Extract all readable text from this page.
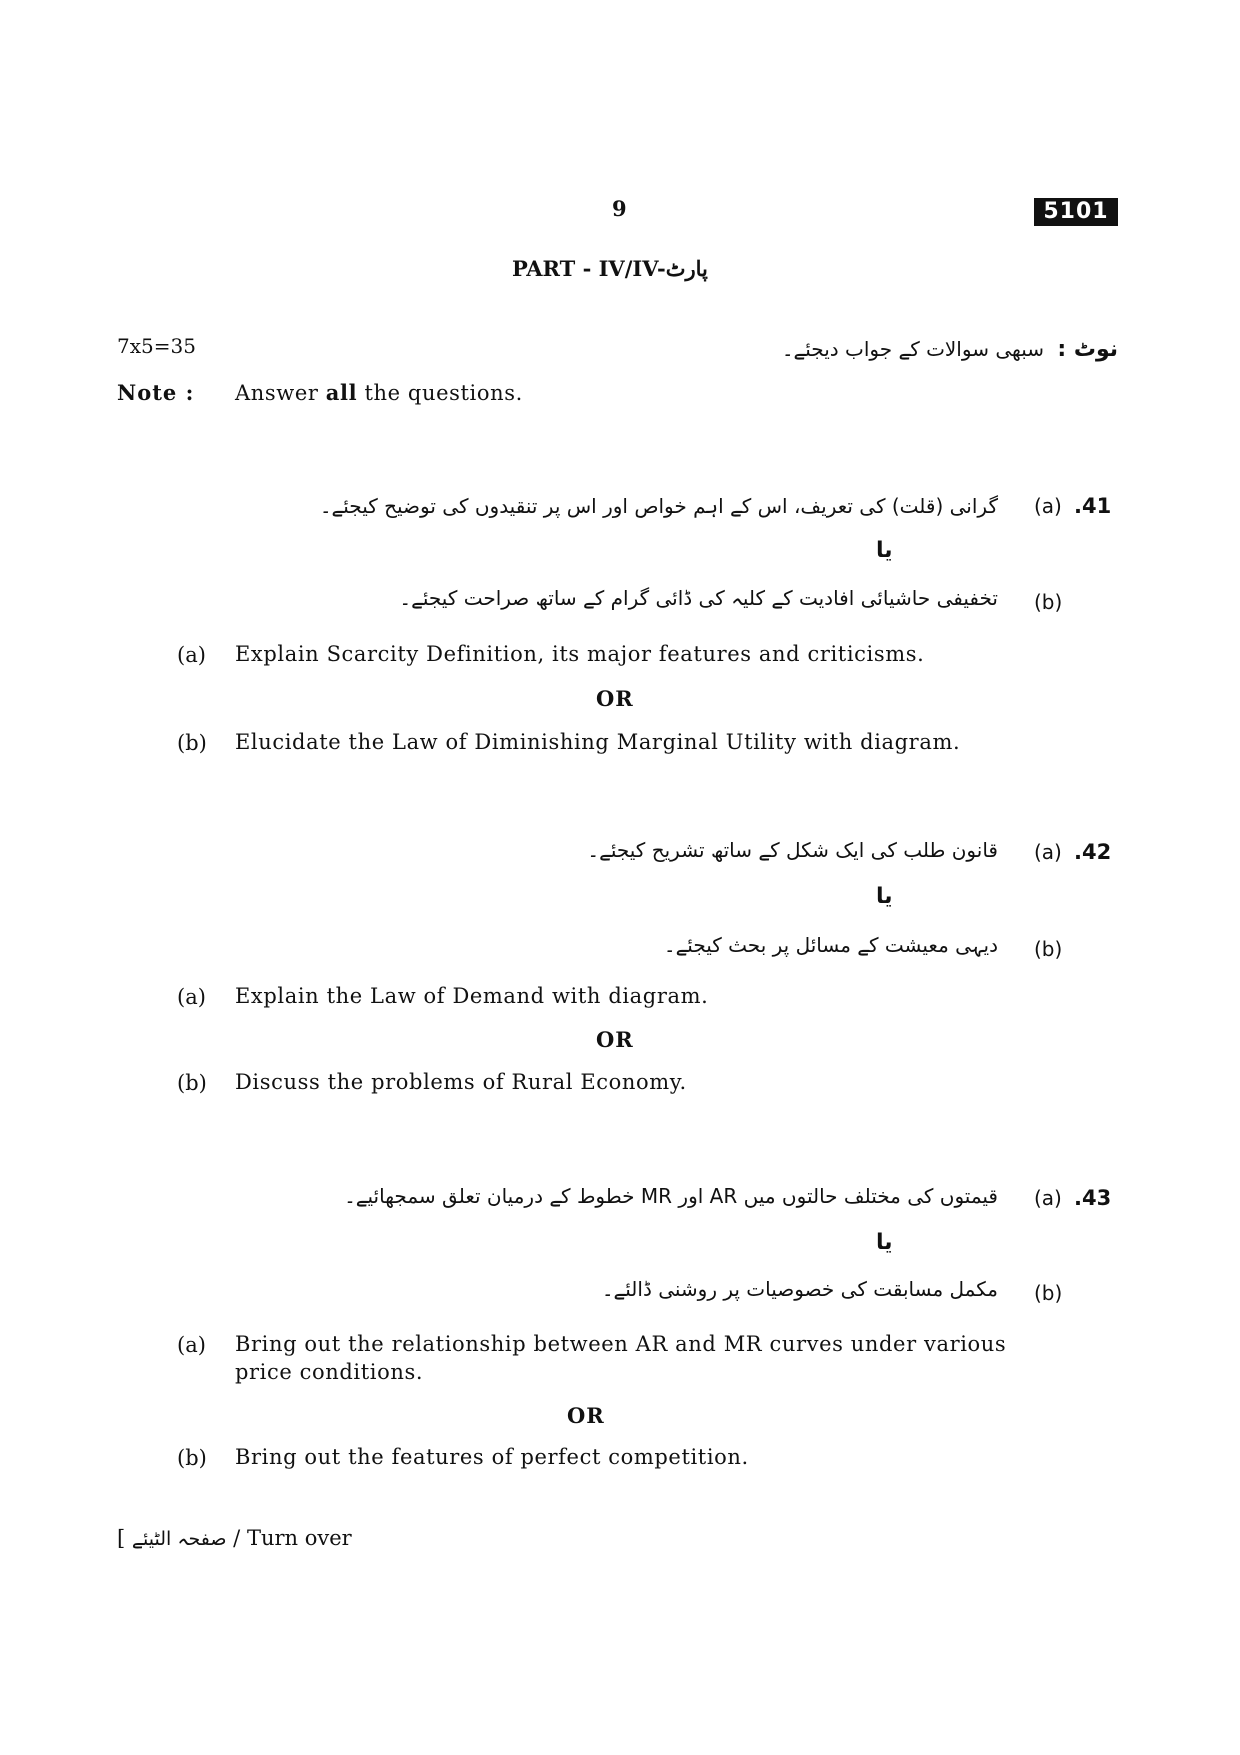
9	5101
PART - IV/IV-پارٹ
7x5=35	نوٹ :
سبھی سوالات کے جواب دیجئے۔
Note : Answer all the questions.
.41
(a)
گرانی (قلت) کی تعریف، اس کے اہم خواص اور اس پر تنقیدوں کی توضیح کیجئے۔
یا
(b)
تخفیفی حاشیائی افادیت کے کلیہ کی ڈائی گرام کے ساتھ صراحت کیجئے۔
(a) Explain Scarcity Definition, its major features and criticisms.
OR
(b) Elucidate the Law of Diminishing Marginal Utility with diagram.
.42
(a)
قانون طلب کی ایک شکل کے ساتھ تشریح کیجئے۔
یا
(b)
دیہی معیشت کے مسائل پر بحث کیجئے۔
(a) Explain the Law of Demand with diagram.
OR
(b) Discuss the problems of Rural Economy.
.43
(a)
قیمتوں کی مختلف حالتوں میں AR اور MR خطوط کے درمیان تعلق سمجھائیے۔
یا
(b)
مکمل مسابقت کی خصوصیات پر روشنی ڈالئے۔
(a) Bring out the relationship between AR and MR curves under various price conditions.
OR
(b) Bring out the features of perfect competition.
[ صفحہ الٹیئے / Turn over
